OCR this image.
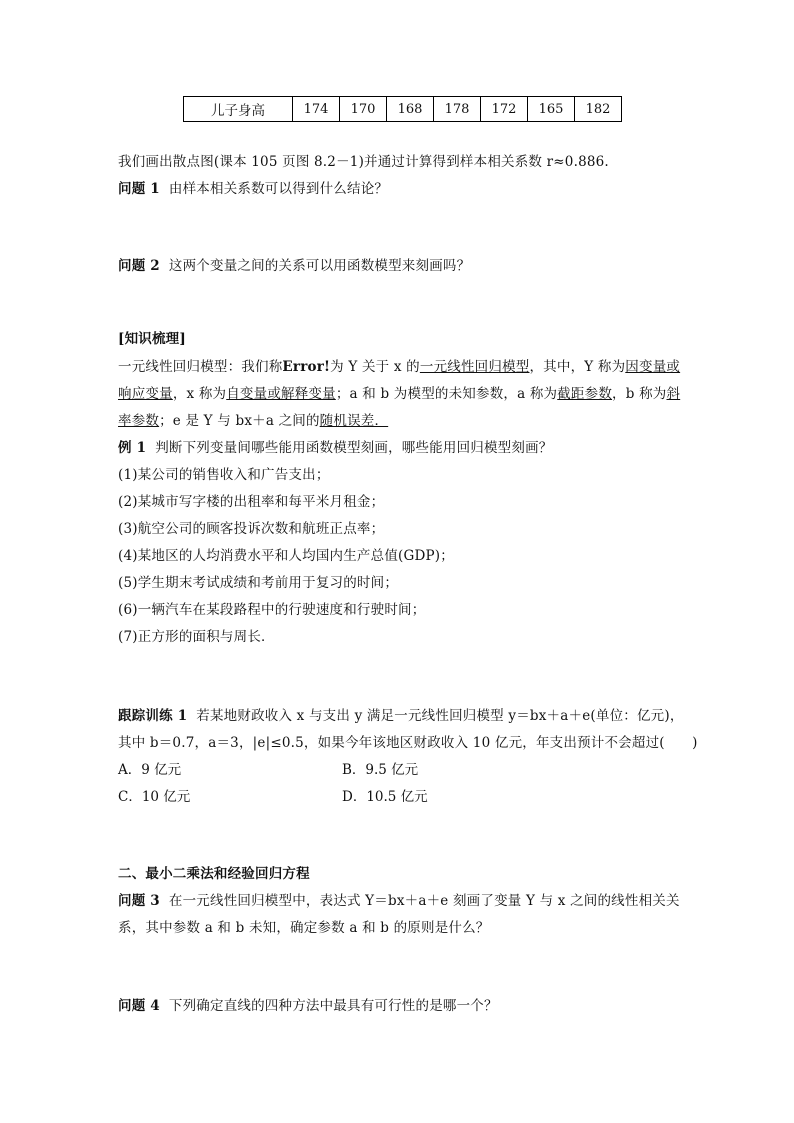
儿子身高	174	170	168	178	172	165	182
我们画出散点图(课本 105 页图 8.2－1)并通过计算得到样本相关系数 r≈0.886.
问题 1 由样本相关系数可以得到什么结论？
问题 2 这两个变量之间的关系可以用函数模型来刻画吗？
[知识梳理]
一元线性回归模型：我们称Error!为 Y 关于 x 的一元线性回归模型，其中，Y 称为因变量或
响应变量，x 称为自变量或解释变量；a 和 b 为模型的未知参数，a 称为截距参数，b 称为斜
率参数；e 是 Y 与 bx＋a 之间的随机误差．
例 1 判断下列变量间哪些能用函数模型刻画，哪些能用回归模型刻画？
(1)某公司的销售收入和广告支出；
(2)某城市写字楼的出租率和每平米月租金；
(3)航空公司的顾客投诉次数和航班正点率；
(4)某地区的人均消费水平和人均国内生产总值(GDP)；
(5)学生期末考试成绩和考前用于复习的时间；
(6)一辆汽车在某段路程中的行驶速度和行驶时间；
(7)正方形的面积与周长．
跟踪训练 1 若某地财政收入 x 与支出 y 满足一元线性回归模型 y＝bx＋a＋e(单位：亿元)，
其中 b＝0.7，a＝3，|e|≤0.5，如果今年该地区财政收入 10 亿元，年支出预计不会超过(　　)
A．9 亿元	B．9.5 亿元
C．10 亿元	D．10.5 亿元
二、最小二乘法和经验回归方程
问题 3 在一元线性回归模型中，表达式 Y＝bx＋a＋e 刻画了变量 Y 与 x 之间的线性相关关
系，其中参数 a 和 b 未知，确定参数 a 和 b 的原则是什么？
问题 4 下列确定直线的四种方法中最具有可行性的是哪一个？
